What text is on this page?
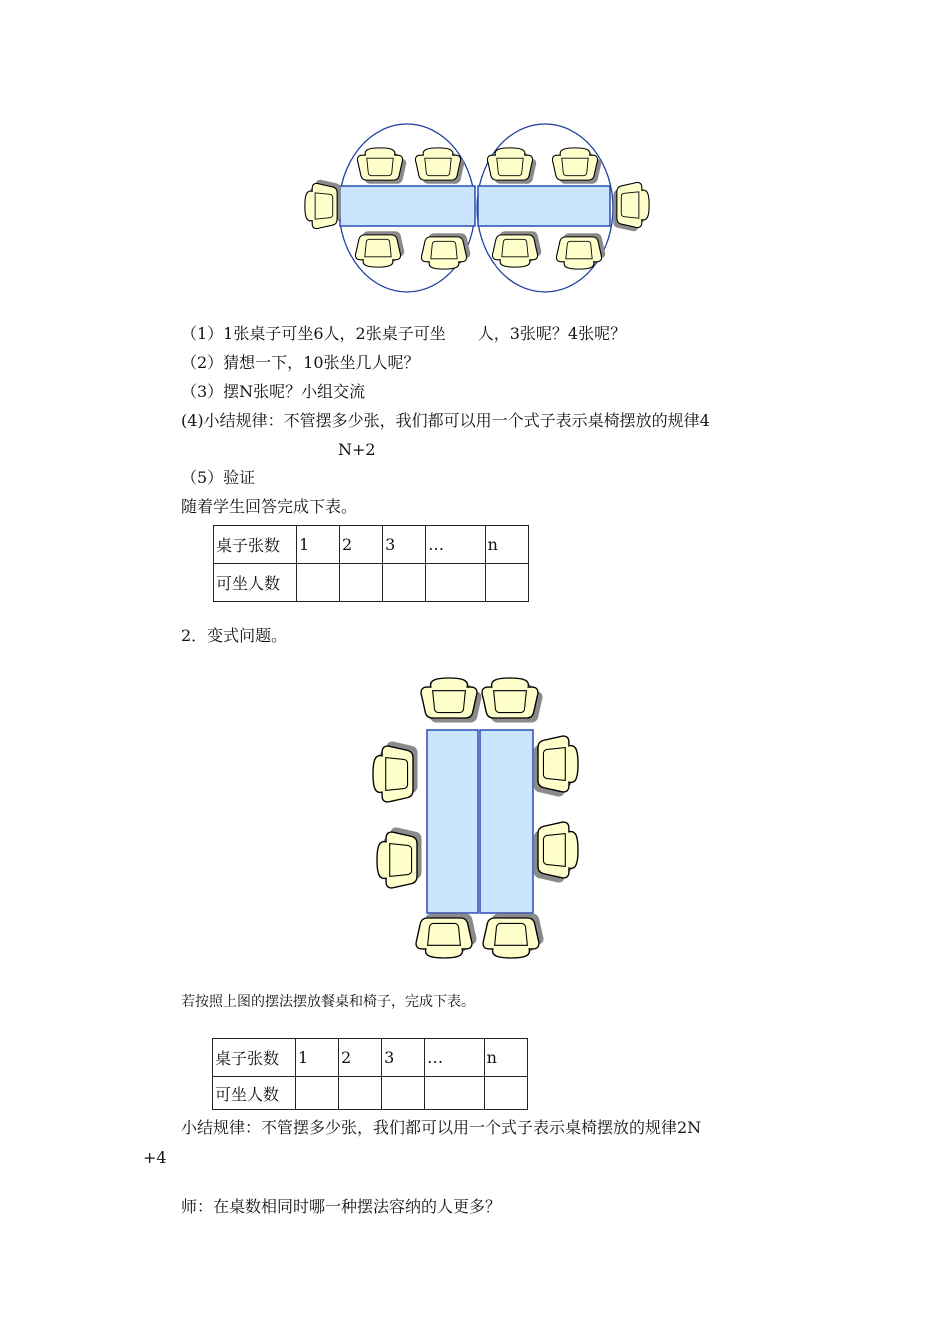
（1）1张桌子可坐6人，2张桌子可坐　　人，3张呢？4张呢？
（2）猜想一下，10张坐几人呢？
（3）摆N张呢？小组交流
(4)小结规律：不管摆多少张，我们都可以用一个式子表示桌椅摆放的规律4
N+2
（5）验证
随着学生回答完成下表。
桌子张数	1	2	3	…	n
可坐人数					
2．变式问题。
若按照上图的摆法摆放餐桌和椅子，完成下表。
桌子张数	1	2	3	…	n
可坐人数					
小结规律：不管摆多少张，我们都可以用一个式子表示桌椅摆放的规律2N
+4
师：在桌数相同时哪一种摆法容纳的人更多？
